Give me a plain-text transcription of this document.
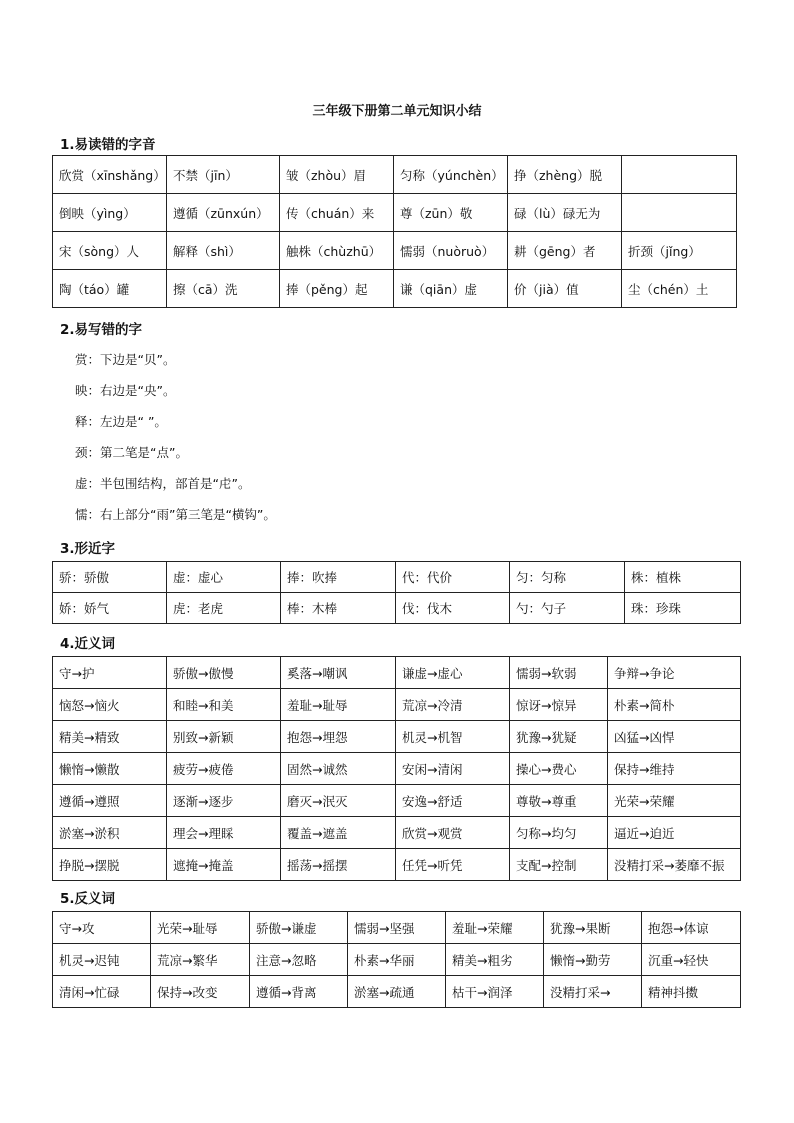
三年级下册第二单元知识小结
1.易读错的字音
欣赏（xīnshǎng）	不禁（jīn）	皱（zhòu）眉	匀称（yúnchèn）	挣（zhèng）脱	
倒映（yìng）	遵循（zūnxún）	传（chuán）来	尊（zūn）敬	碌（lù）碌无为	
宋（sòng）人	解释（shì）	触株（chùzhū）	懦弱（nuòruò）	耕（gēng）者	折颈（jǐng）
陶（táo）罐	擦（cā）洗	捧（pěng）起	谦（qiān）虚	价（jià）值	尘（chén）土
2.易写错的字
赏：下边是“贝”。
映：右边是“央”。
释：左边是“ ”。
颈：第二笔是“点”。
虚：半包围结构，部首是“虍”。
懦：右上部分“雨”第三笔是“横钩”。
3.形近字
骄：骄傲	虚：虚心	捧：吹捧	代：代价	匀：匀称	株：植株
娇：娇气	虎：老虎	棒：木棒	伐：伐木	勺：勺子	珠：珍珠
4.近义词
守→护	骄傲→傲慢	奚落→嘲讽	谦虚→虚心	懦弱→软弱	争辩→争论
恼怒→恼火	和睦→和美	羞耻→耻辱	荒凉→冷清	惊讶→惊异	朴素→简朴
精美→精致	别致→新颖	抱怨→埋怨	机灵→机智	犹豫→犹疑	凶猛→凶悍
懒惰→懒散	疲劳→疲倦	固然→诚然	安闲→清闲	操心→费心	保持→维持
遵循→遵照	逐渐→逐步	磨灭→泯灭	安逸→舒适	尊敬→尊重	光荣→荣耀
淤塞→淤积	理会→理睬	覆盖→遮盖	欣赏→观赏	匀称→均匀	逼近→迫近
挣脱→摆脱	遮掩→掩盖	摇荡→摇摆	任凭→听凭	支配→控制	没精打采→萎靡不振
5.反义词
守→攻	光荣→耻辱	骄傲→谦虚	懦弱→坚强	羞耻→荣耀	犹豫→果断	抱怨→体谅
机灵→迟钝	荒凉→繁华	注意→忽略	朴素→华丽	精美→粗劣	懒惰→勤劳	沉重→轻快
清闲→忙碌	保持→改变	遵循→背离	淤塞→疏通	枯干→润泽	没精打采→	精神抖擞
